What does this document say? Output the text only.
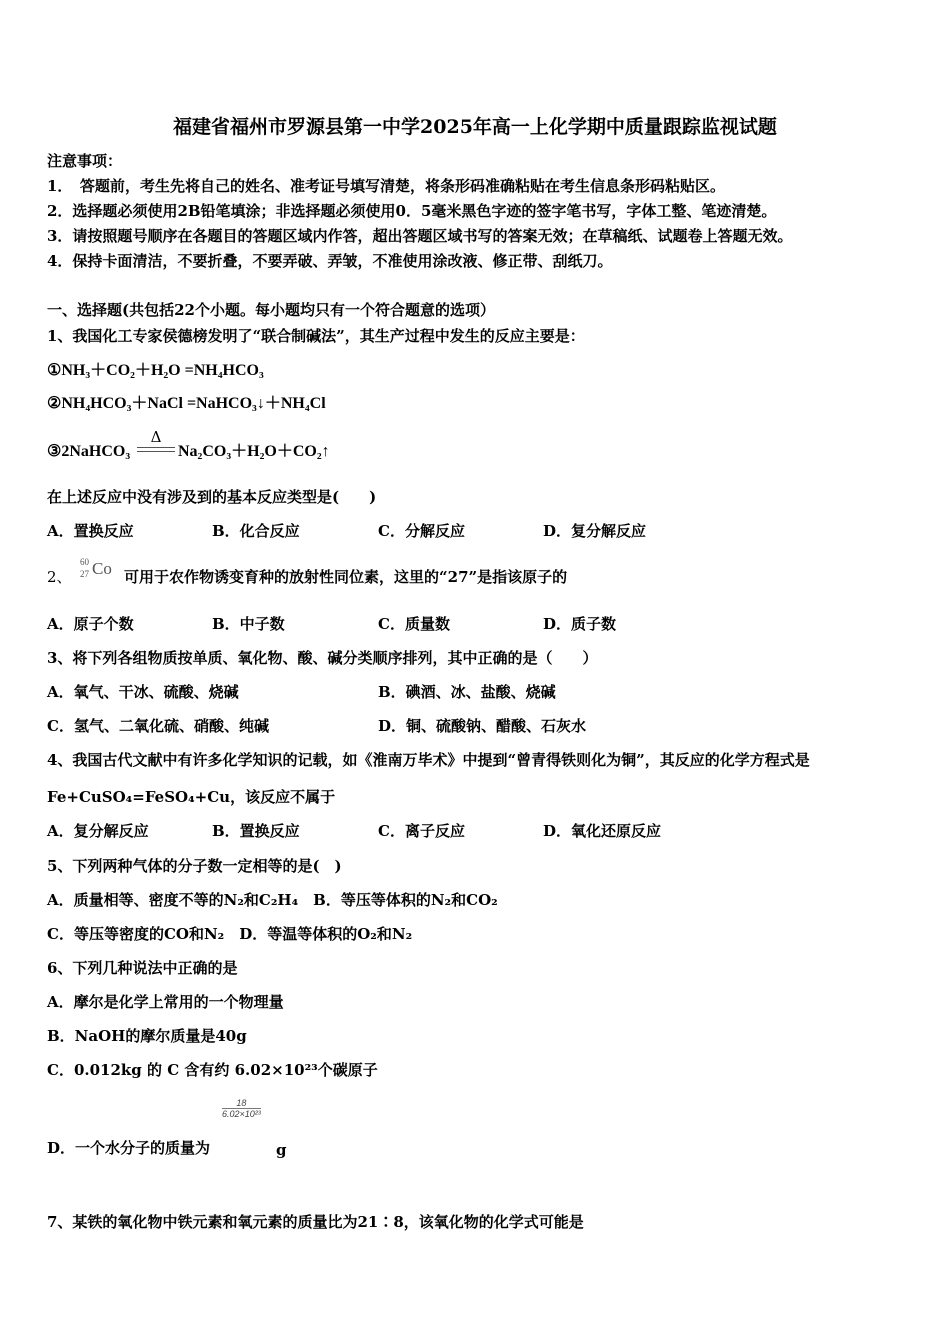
福建省福州市罗源县第一中学2025年高一上化学期中质量跟踪监视试题
注意事项：
1．　答题前，考生先将自己的姓名、准考证号填写清楚，将条形码准确粘贴在考生信息条形码粘贴区。
2．选择题必须使用2B铅笔填涂；非选择题必须使用0．5毫米黑色字迹的签字笔书写，字体工整、笔迹清楚。
3．请按照题号顺序在各题目的答题区域内作答，超出答题区域书写的答案无效；在草稿纸、试题卷上答题无效。
4．保持卡面清洁，不要折叠，不要弄破、弄皱，不准使用涂改液、修正带、刮纸刀。
一、选择题(共包括22个小题。每小题均只有一个符合题意的选项）
1、我国化工专家侯德榜发明了“联合制碱法”，其生产过程中发生的反应主要是：
①NH₃＋CO₂＋H₂O =NH₄HCO₃
②NH₄HCO₃＋NaCl =NaHCO₃↓＋NH₄Cl
③2NaHCO₃
Δ
Na₂CO₃＋H₂O＋CO₂↑
在上述反应中没有涉及到的基本反应类型是(　　)
A．置换反应	B．化合反应	C．分解反应	D．复分解反应
2、
60
27 Co 可用于农作物诱变育种的放射性同位素，这里的“27”是指该原子的
A．原子个数	B．中子数	C．质量数	D．质子数
3、将下列各组物质按单质、氧化物、酸、碱分类顺序排列，其中正确的是（　　）
A．氧气、干冰、硫酸、烧碱	B．碘酒、冰、盐酸、烧碱
C．氢气、二氧化硫、硝酸、纯碱	D．铜、硫酸钠、醋酸、石灰水
4、我国古代文献中有许多化学知识的记载，如《淮南万毕术》中提到“曾青得铁则化为铜”，其反应的化学方程式是
Fe+CuSO₄=FeSO₄+Cu，该反应不属于
A．复分解反应	B．置换反应	C．离子反应	D．氧化还原反应
5、下列两种气体的分子数一定相等的是(　)
A．质量相等、密度不等的N₂和C₂H₄　B．等压等体积的N₂和CO₂
C．等压等密度的CO和N₂　D．等温等体积的O₂和N₂
6、下列几种说法中正确的是
A．摩尔是化学上常用的一个物理量
B．NaOH的摩尔质量是40g
C．0.012kg 的 C 含有约 6.02×10²³个碳原子
$\frac{18}{\text{6.02×10²³}}$
D．一个水分子的质量为	g
7、某铁的氧化物中铁元素和氧元素的质量比为21∶8，该氧化物的化学式可能是
